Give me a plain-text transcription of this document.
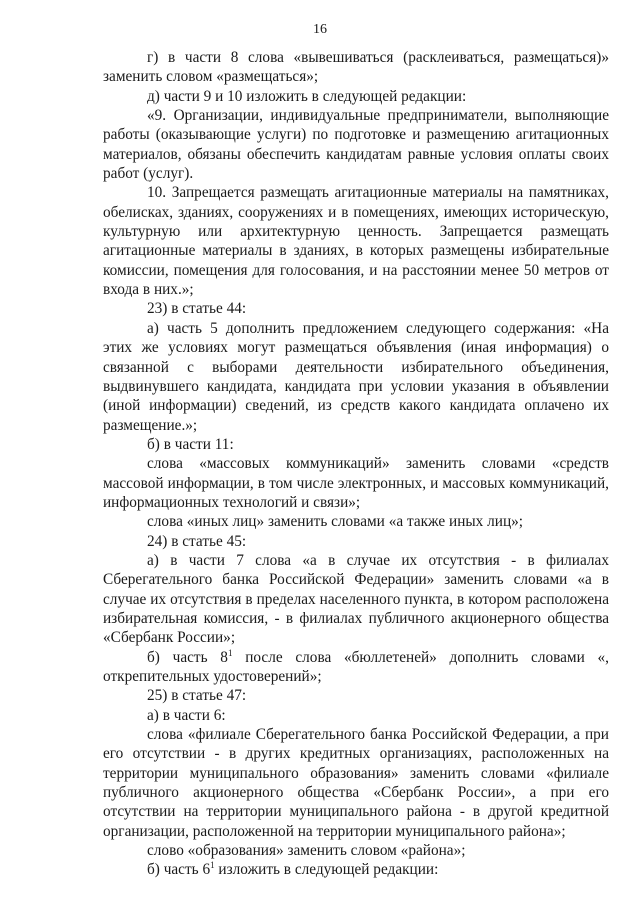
16

г) в части 8 слова «вывешиваться (расклеиваться, размещаться)» заменить словом «размещаться»;

д) части 9 и 10 изложить в следующей редакции:

«9. Организации, индивидуальные предприниматели, выполняющие работы (оказывающие услуги) по подготовке и размещению агитационных материалов, обязаны обеспечить кандидатам равные условия оплаты своих работ (услуг).

10. Запрещается размещать агитационные материалы на памятниках, обелисках, зданиях, сооружениях и в помещениях, имеющих историческую, культурную или архитектурную ценность. Запрещается размещать агитационные материалы в зданиях, в которых размещены избирательные комиссии, помещения для голосования, и на расстоянии менее 50 метров от входа в них.»;

23) в статье 44:

а) часть 5 дополнить предложением следующего содержания: «На этих же условиях могут размещаться объявления (иная информация) о связанной с выборами деятельности избирательного объединения, выдвинувшего кандидата, кандидата при условии указания в объявлении (иной информации) сведений, из средств какого кандидата оплачено их размещение.»;

б) в части 11:

слова «массовых коммуникаций» заменить словами «средств массовой информации, в том числе электронных, и массовых коммуникаций, информационных технологий и связи»;

слова «иных лиц» заменить словами «а также иных лиц»;

24) в статье 45:

а) в части 7 слова «а в случае их отсутствия - в филиалах Сберегательного банка Российской Федерации» заменить словами «а в случае их отсутствия в пределах населенного пункта, в котором расположена избирательная комиссия, - в филиалах публичного акционерного общества «Сбербанк России»;

б) часть $8^1$ после слова «бюллетеней» дополнить словами «, открепительных удостоверений»;

25) в статье 47:

а) в части 6:

слова «филиале Сберегательного банка Российской Федерации, а при его отсутствии - в других кредитных организациях, расположенных на территории муниципального образования» заменить словами «филиале публичного акционерного общества «Сбербанк России», а при его отсутствии на территории муниципального района - в другой кредитной организации, расположенной на территории муниципального района»;

слово «образования» заменить словом «района»;

б) часть $6^1$ изложить в следующей редакции:
